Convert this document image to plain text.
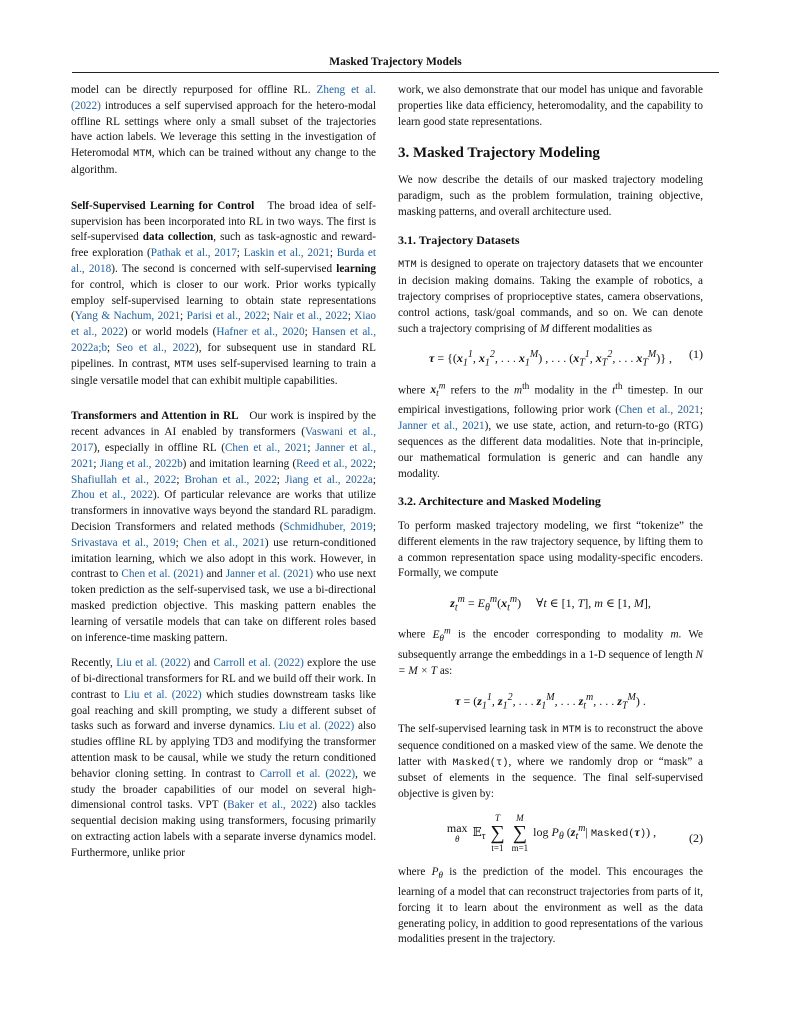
Masked Trajectory Models

model can be directly repurposed for offline RL. Zheng et al. (2022) introduces a self supervised approach for the hetero-modal offline RL settings where only a small subset of the trajectories have action labels. We leverage this setting in the investigation of Heteromodal MTM, which can be trained without any change to the algorithm.

Self-Supervised Learning for Control The broad idea of self-supervision has been incorporated into RL in two ways. The first is self-supervised data collection, such as task-agnostic and reward-free exploration (Pathak et al., 2017; Laskin et al., 2021; Burda et al., 2018). The second is concerned with self-supervised learning for control, which is closer to our work. Prior works typically employ self-supervised learning to obtain state representations (Yang & Nachum, 2021; Parisi et al., 2022; Nair et al., 2022; Xiao et al., 2022) or world models (Hafner et al., 2020; Hansen et al., 2022a;b; Seo et al., 2022), for subsequent use in standard RL pipelines. In contrast, MTM uses self-supervised learning to train a single versatile model that can exhibit multiple capabilities.

Transformers and Attention in RL Our work is inspired by the recent advances in AI enabled by transformers (Vaswani et al., 2017), especially in offline RL (Chen et al., 2021; Janner et al., 2021; Jiang et al., 2022b) and imitation learning (Reed et al., 2022; Shafiullah et al., 2022; Brohan et al., 2022; Jiang et al., 2022a; Zhou et al., 2022). Of particular relevance are works that utilize transformers in innovative ways beyond the standard RL paradigm. Decision Transformers and related methods (Schmidhuber, 2019; Srivastava et al., 2019; Chen et al., 2021) use return-conditioned imitation learning, which we also adopt in this work. However, in contrast to Chen et al. (2021) and Janner et al. (2021) who use next token prediction as the self-supervised task, we use a bi-directional masked prediction objective. This masking pattern enables the learning of versatile models that can take on different roles based on inference-time masking pattern.

Recently, Liu et al. (2022) and Carroll et al. (2022) explore the use of bi-directional transformers for RL and we build off their work. In contrast to Liu et al. (2022) which studies downstream tasks like goal reaching and skill prompting, we study a different subset of tasks such as forward and inverse dynamics. Liu et al. (2022) also studies offline RL by applying TD3 and modifying the transformer attention mask to be causal, while we study the return conditioned behavior cloning setting. In contrast to Carroll et al. (2022), we study the broader capabilities of our model on several high-dimensional control tasks. VPT (Baker et al., 2022) also tackles sequential decision making using transformers, focusing primarily on extracting action labels with a separate inverse dynamics model. Furthermore, unlike prior

work, we also demonstrate that our model has unique and favorable properties like data efficiency, heteromodality, and the capability to learn good state representations.

3. Masked Trajectory Modeling

We now describe the details of our masked trajectory modeling paradigm, such as the problem formulation, training objective, masking patterns, and overall architecture used.

3.1. Trajectory Datasets

MTM is designed to operate on trajectory datasets that we encounter in decision making domains. Taking the example of robotics, a trajectory comprises of proprioceptive states, camera observations, control actions, task/goal commands, and so on. We can denote such a trajectory comprising of M different modalities as

$\tau = \{(x_1^1$, $x_1^2$, . . . $x_1^M$) , . . . ($x_T^1$, $x_T^2$, . . . $x_T^M$)} , (1)

where $x_t^m$ refers to the $m^{th}$ modality in the $t^{th}$ timestep. In our empirical investigations, following prior work (Chen et al., 2021; Janner et al., 2021), we use state, action, and return-to-go (RTG) sequences as the different data modalities. Note that in-principle, our mathematical formulation is generic and can handle any modality.

3.2. Architecture and Masked Modeling

To perform masked trajectory modeling, we first “tokenize” the different elements in the raw trajectory sequence, by lifting them to a common representation space using modality-specific encoders. Formally, we compute

$z_t^m = E_\theta^m(x_t^m)$ ∀t ∈ [1, T], m ∈ [1, M],

where $E_\theta^m$ is the encoder corresponding to modality m. We subsequently arrange the embeddings in a 1-D sequence of length N = M × T as:

$\tau = (z_1^1$, $z_1^2$, . . . $z_1^M$, . . . $z_t^m$, . . . $z_T^M$) .

The self-supervised learning task in MTM is to reconstruct the above sequence conditioned on a masked view of the same. We denote the latter with Masked(τ), where we randomly drop or “mask” a subset of elements in the sequence. The final self-supervised objective is given by:

max
θ 𝔼$_\tau$ T
∑
t=1 M
∑
m=1 $\log P_\theta$ ($z_t^m|$ Masked(τ)) ,	(2)

where $P_\theta$ is the prediction of the model. This encourages the learning of a model that can reconstruct trajectories from parts of it, forcing it to learn about the environment as well as the data generating policy, in addition to good representations of the various modalities present in the trajectory.
